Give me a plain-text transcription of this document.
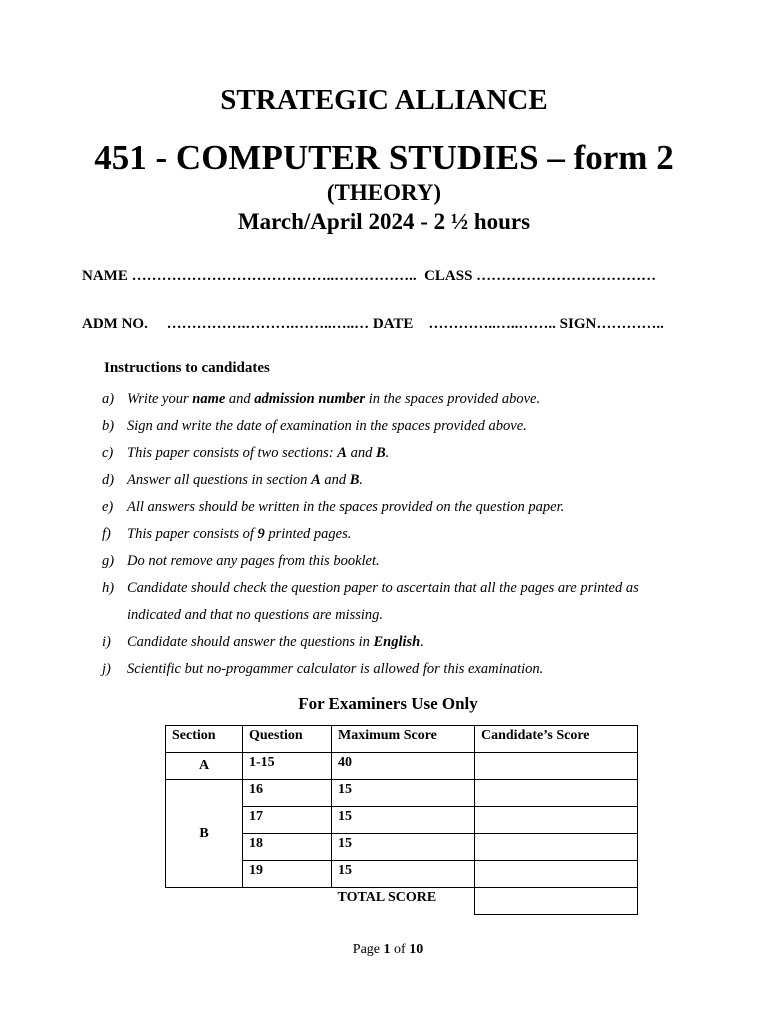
STRATEGIC ALLIANCE
451 - COMPUTER STUDIES – form 2
(THEORY)
March/April 2024 - 2 ½ hours
NAME …………………………………..……………..  CLASS ………………………………
ADM NO.     …………….……….……..…..… DATE    …………..…..…….. SIGN…………..
Instructions to candidates
a) Write your name and admission number in the spaces provided above.
b) Sign and write the date of examination in the spaces provided above.
c) This paper consists of two sections: A and B.
d) Answer all questions in section A and B.
e) All answers should be written in the spaces provided on the question paper.
f)	This paper consists of 9 printed pages.
g) Do not remove any pages from this booklet.
h) Candidate should check the question paper to ascertain that all the pages are printed as indicated and that no questions are missing.
i)	Candidate should answer the questions in English.
j)	Scientific but no-progammer calculator is allowed for this examination.
For Examiners Use Only
Section	Question	Maximum Score	Candidate’s Score
A	1-15	40	
B	16	15	
	17	15	
	18	15	
	19	15	
		TOTAL SCORE	
Page 1 of 10
